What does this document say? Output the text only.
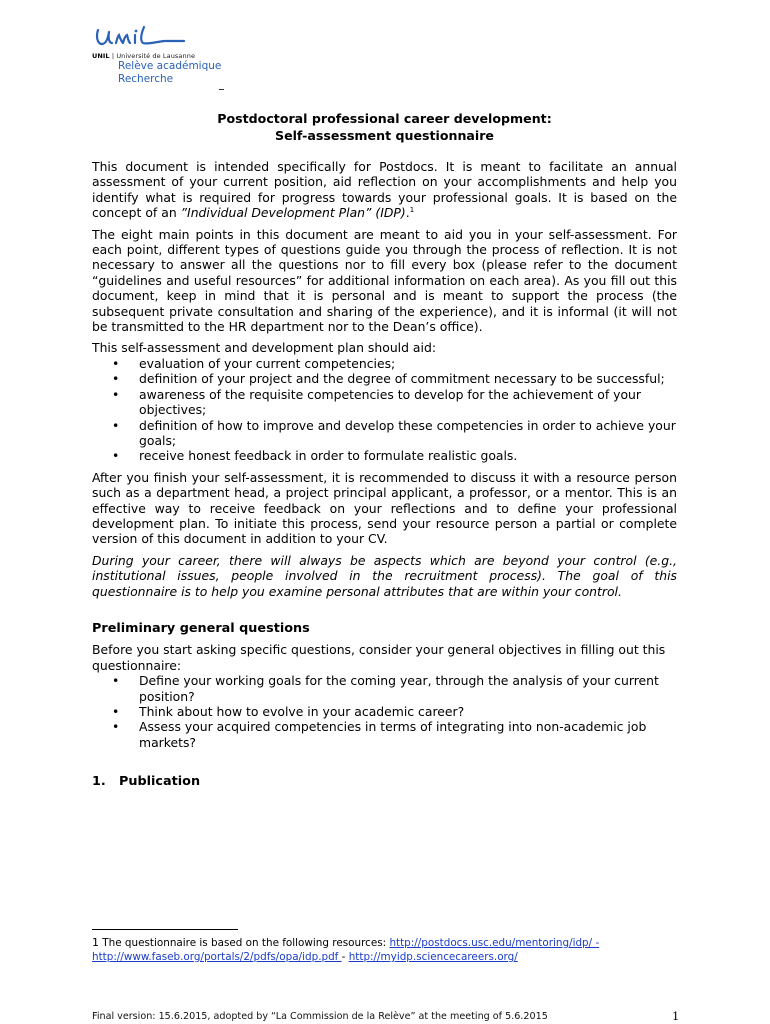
UNIL | Université de Lausanne
Relève académique
Recherche
Postdoctoral professional career development:
Self-assessment questionnaire

This document is intended specifically for Postdocs. It is meant to facilitate an annual assessment of your current position, aid reflection on your accomplishments and help you identify what is required for progress towards your professional goals. It is based on the concept of an ”Individual Development Plan” (IDP).$^1$

The eight main points in this document are meant to aid you in your self-assessment. For each point, different types of questions guide you through the process of reflection. It is not necessary to answer all the questions nor to fill every box (please refer to the document “guidelines and useful resources” for additional information on each area). As you fill out this document, keep in mind that it is personal and is meant to support the process (the subsequent private consultation and sharing of the experience), and it is informal (it will not be transmitted to the HR department nor to the Dean’s office).

This self-assessment and development plan should aid:

• evaluation of your current competencies;
• definition of your project and the degree of commitment necessary to be successful;
• awareness of the requisite competencies to develop for the achievement of your objectives;
• definition of how to improve and develop these competencies in order to achieve your goals;
• receive honest feedback in order to formulate realistic goals.

After you finish your self-assessment, it is recommended to discuss it with a resource person such as a department head, a project principal applicant, a professor, or a mentor. This is an effective way to receive feedback on your reflections and to define your professional development plan. To initiate this process, send your resource person a partial or complete version of this document in addition to your CV.

During your career, there will always be aspects which are beyond your control (e.g., institutional issues, people involved in the recruitment process). The goal of this questionnaire is to help you examine personal attributes that are within your control.

Preliminary general questions

Before you start asking specific questions, consider your general objectives in filling out this questionnaire:

• Define your working goals for the coming year, through the analysis of your current position?
• Think about how to evolve in your academic career?
• Assess your acquired competencies in terms of integrating into non-academic job markets?
1. Publication
1 The questionnaire is based on the following resources: http://postdocs.usc.edu/mentoring/idp/ -
http://www.faseb.org/portals/2/pdfs/opa/idp.pdf - http://myidp.sciencecareers.org/
Final version: 15.6.2015, adopted by “La Commission de la Relève” at the meeting of 5.6.2015	1
